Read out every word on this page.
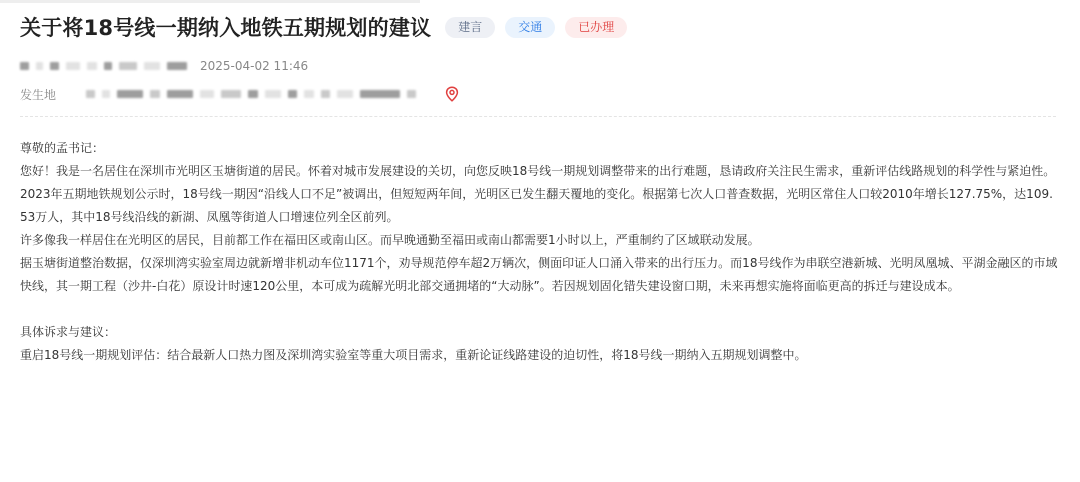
关于将18号线一期纳入地铁五期规划的建议	建言	交通	已办理
2025-04-02 11:46
发生地

尊敬的孟书记：

您好！我是一名居住在深圳市光明区玉塘街道的居民。怀着对城市发展建设的关切，向您反映18号线一期规划调整带来的出行难题，恳请政府关注民生需求，重新评估线路规划的科学性与紧迫性。

2023年五期地铁规划公示时，18号线一期因“沿线人口不足”被调出，但短短两年间，光明区已发生翻天覆地的变化。根据第七次人口普查数据，光明区常住人口较2010年增长127.75%，达109.53万人，其中18号线沿线的新湖、凤凰等街道人口增速位列全区前列。

许多像我一样居住在光明区的居民，目前都工作在福田区或南山区。而早晚通勤至福田或南山都需要1小时以上，严重制约了区域联动发展。

据玉塘街道整治数据，仅深圳湾实验室周边就新增非机动车位1171个，劝导规范停车超2万辆次，侧面印证人口涌入带来的出行压力。而18号线作为串联空港新城、光明凤凰城、平湖金融区的市域快线，其一期工程（沙井-白花）原设计时速120公里，本可成为疏解光明北部交通拥堵的“大动脉”。若因规划固化错失建设窗口期，未来再想实施将面临更高的拆迁与建设成本。

具体诉求与建议：

重启18号线一期规划评估：结合最新人口热力图及深圳湾实验室等重大项目需求，重新论证线路建设的迫切性，将18号线一期纳入五期规划调整中。
